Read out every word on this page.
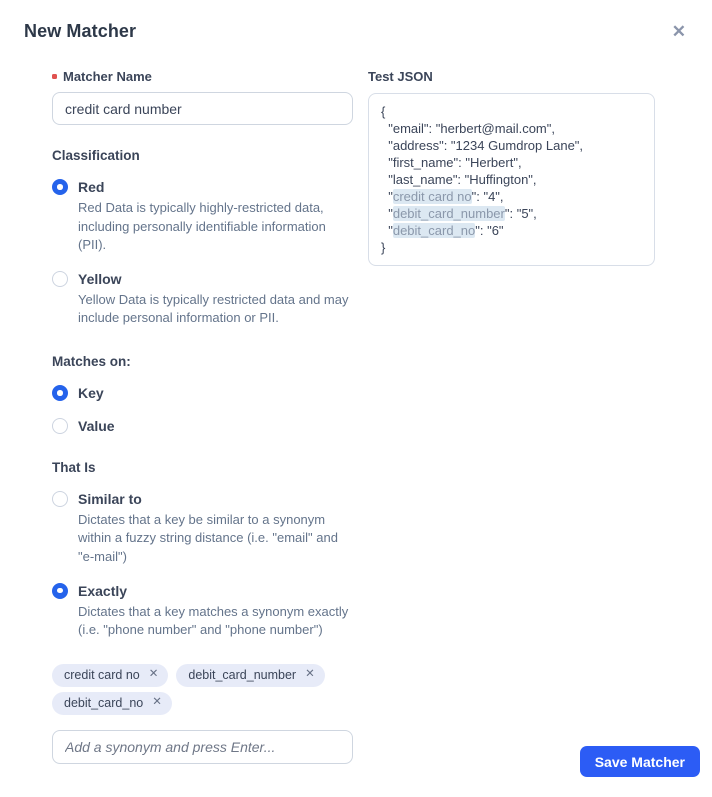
New Matcher	✕
Matcher Name
credit card number
Classification
Red
Red Data is typically highly-restricted data, including personally identifiable information (PII).
Yellow
Yellow Data is typically restricted data and may include personal information or PII.
Matches on:
Key
Value
That Is
Similar to
Dictates that a key be similar to a synonym within a fuzzy string distance (i.e. "email" and "e-mail")
Exactly
Dictates that a key matches a synonym exactly (i.e. "phone number" and "phone number")
credit card no ✕ debit_card_number ✕
debit_card_no ✕
Add a synonym and press Enter...
Test JSON
{
"email": "herbert@mail.com",
"address": "1234 Gumdrop Lane",
"first_name": "Herbert",
"last_name": "Huffington",
"credit card no": "4",
"debit_card_number": "5",
"debit_card_no": "6"
}
Save Matcher
